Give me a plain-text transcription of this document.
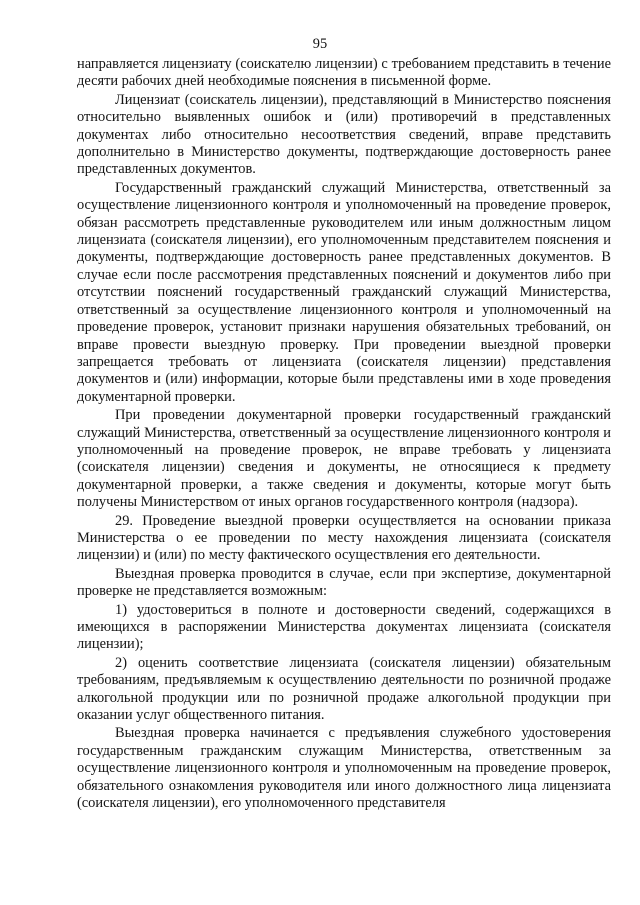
95

направляется лицензиату (соискателю лицензии) с требованием представить в течение десяти рабочих дней необходимые пояснения в письменной форме.

Лицензиат (соискатель лицензии), представляющий в Министерство пояснения относительно выявленных ошибок и (или) противоречий в представленных документах либо относительно несоответствия сведений, вправе представить дополнительно в Министерство документы, подтверждающие достоверность ранее представленных документов.

Государственный гражданский служащий Министерства, ответственный за осуществление лицензионного контроля и уполномоченный на проведение проверок, обязан рассмотреть представленные руководителем или иным должностным лицом лицензиата (соискателя лицензии), его уполномоченным представителем пояснения и документы, подтверждающие достоверность ранее представленных документов. В случае если после рассмотрения представленных пояснений и документов либо при отсутствии пояснений государственный гражданский служащий Министерства, ответственный за осуществление лицензионного контроля и уполномоченный на проведение проверок, установит признаки нарушения обязательных требований, он вправе провести выездную проверку. При проведении выездной проверки запрещается требовать от лицензиата (соискателя лицензии) представления документов и (или) информации, которые были представлены ими в ходе проведения документарной проверки.

При проведении документарной проверки государственный гражданский служащий Министерства, ответственный за осуществление лицензионного контроля и уполномоченный на проведение проверок, не вправе требовать у лицензиата (соискателя лицензии) сведения и документы, не относящиеся к предмету документарной проверки, а также сведения и документы, которые могут быть получены Министерством от иных органов государственного контроля (надзора).

29. Проведение выездной проверки осуществляется на основании приказа Министерства о ее проведении по месту нахождения лицензиата (соискателя лицензии) и (или) по месту фактического осуществления его деятельности.

Выездная проверка проводится в случае, если при экспертизе, документарной проверке не представляется возможным:

1) удостовериться в полноте и достоверности сведений, содержащихся в имеющихся в распоряжении Министерства документах лицензиата (соискателя лицензии);

2) оценить соответствие лицензиата (соискателя лицензии) обязательным требованиям, предъявляемым к осуществлению деятельности по розничной продаже алкогольной продукции или по розничной продаже алкогольной продукции при оказании услуг общественного питания.

Выездная проверка начинается с предъявления служебного удостоверения государственным гражданским служащим Министерства, ответственным за осуществление лицензионного контроля и уполномоченным на проведение проверок, обязательного ознакомления руководителя или иного должностного лица лицензиата (соискателя лицензии), его уполномоченного представителя
